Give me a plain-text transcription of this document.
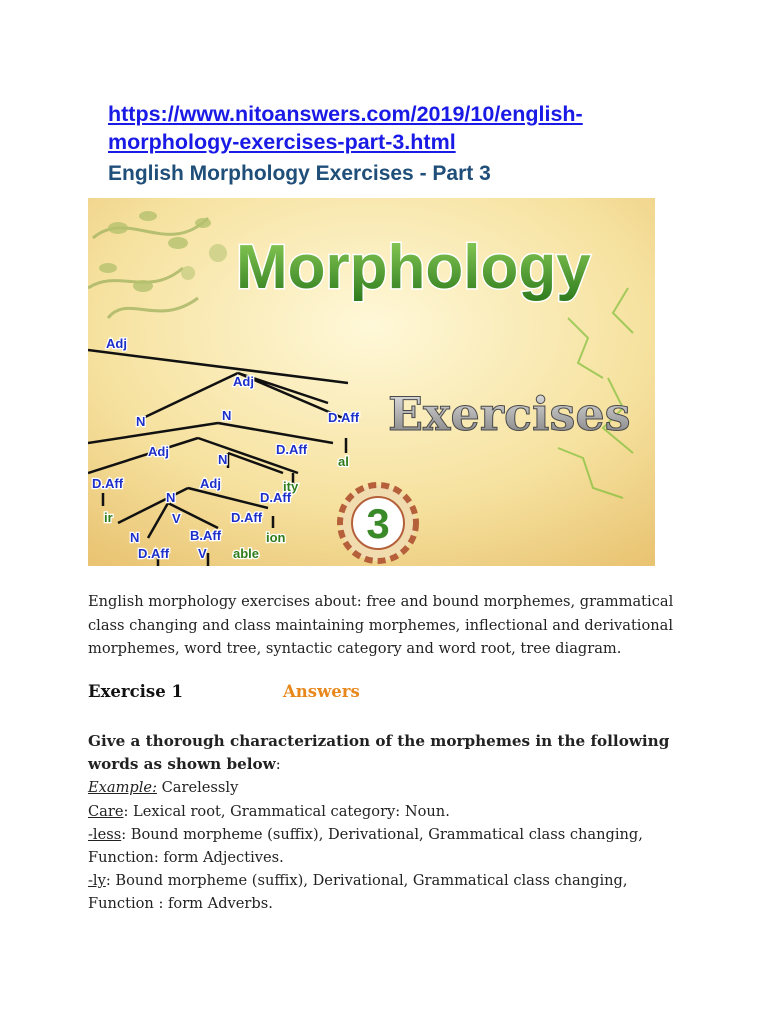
https://www.nitoanswers.com/2019/10/english-
morphology-exercises-part-3.html
English Morphology Exercises - Part 3
Morphology
Exercises
3
Adj
Adj
N	N	D.Aff
al
Adj
N
D.Aff
D.Aff	Adj	ity
ir
N	D.Aff
V	D.Aff
N	B.Aff	ion
D.Aff V able
English morphology exercises about: free and bound morphemes, grammatical class changing and class maintaining morphemes, inflectional and derivational morphemes, word tree, syntactic category and word root, tree diagram.
Exercise 1	Answers
Give a thorough characterization of the morphemes in the following words as shown below:
Example: Carelessly
Care: Lexical root, Grammatical category: Noun.
-less: Bound morpheme (suffix), Derivational, Grammatical class changing, Function: form Adjectives.
-ly: Bound morpheme (suffix), Derivational, Grammatical class changing, Function : form Adverbs.
